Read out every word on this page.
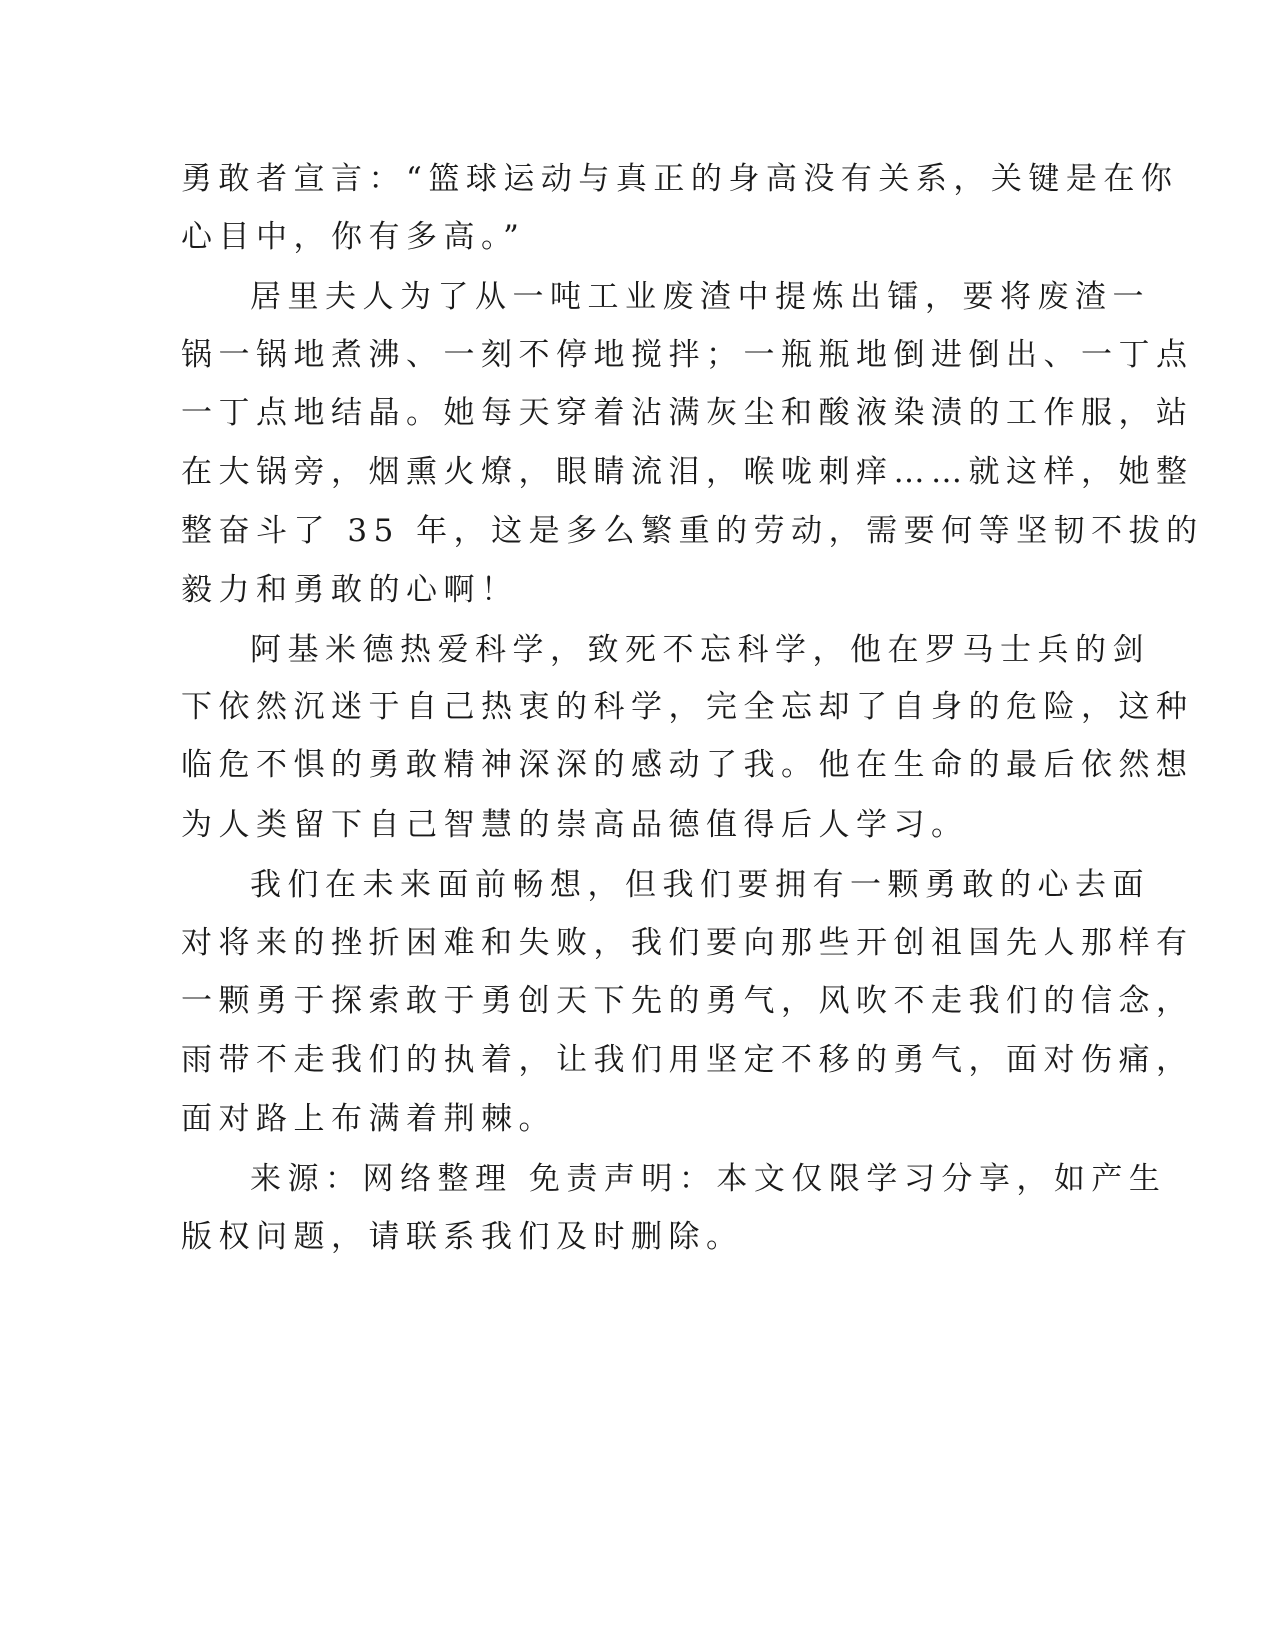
勇敢者宣言：“篮球运动与真正的身高没有关系，关键是在你

心目中，你有多高。”

居里夫人为了从一吨工业废渣中提炼出镭，要将废渣一

锅一锅地煮沸、一刻不停地搅拌；一瓶瓶地倒进倒出、一丁点

一丁点地结晶。她每天穿着沾满灰尘和酸液染渍的工作服，站

在大锅旁，烟熏火燎，眼睛流泪，喉咙刺痒……就这样，她整

整奋斗了 35 年，这是多么繁重的劳动，需要何等坚韧不拔的

毅力和勇敢的心啊！

阿基米德热爱科学，致死不忘科学，他在罗马士兵的剑

下依然沉迷于自己热衷的科学，完全忘却了自身的危险，这种

临危不惧的勇敢精神深深的感动了我。他在生命的最后依然想

为人类留下自己智慧的崇高品德值得后人学习。

我们在未来面前畅想，但我们要拥有一颗勇敢的心去面

对将来的挫折困难和失败，我们要向那些开创祖国先人那样有

一颗勇于探索敢于勇创天下先的勇气，风吹不走我们的信念，

雨带不走我们的执着，让我们用坚定不移的勇气，面对伤痛，

面对路上布满着荆棘。

来源：网络整理 免责声明：本文仅限学习分享，如产生

版权问题，请联系我们及时删除。
